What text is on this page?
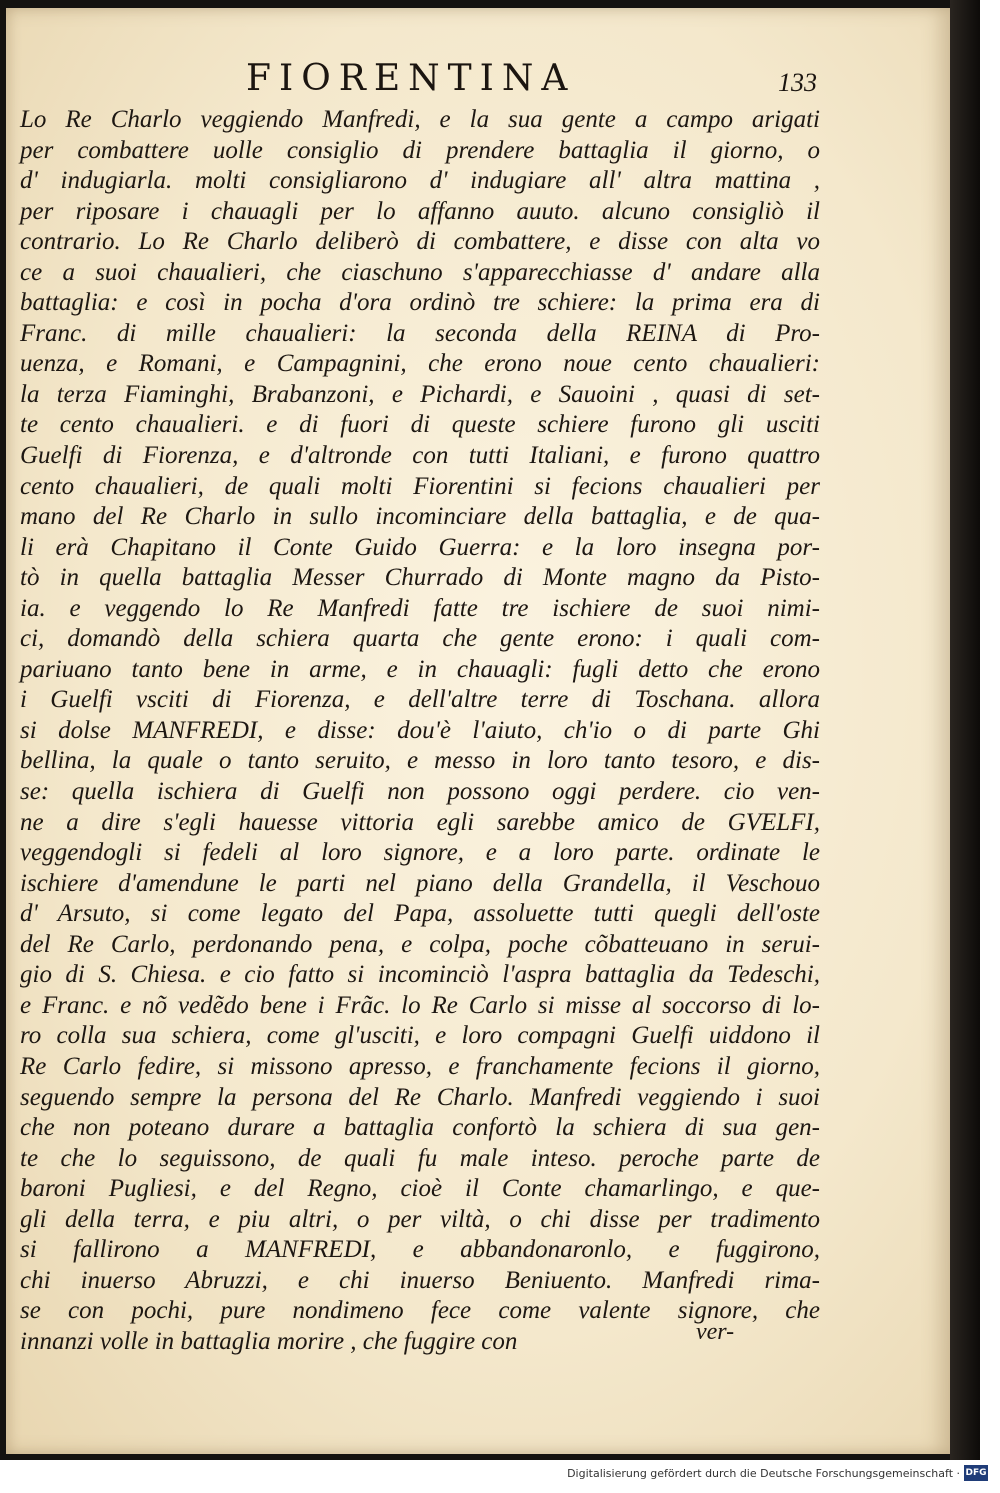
FIORENTINA	133
Lo Re Charlo veggiendo Manfredi, e la sua gente a campo arigati
per combattere uolle consiglio di prendere battaglia il giorno, o
d' indugiarla. molti consigliarono d' indugiare all' altra mattina ,
per riposare i chauagli per lo affanno auuto. alcuno consigliò il
contrario. Lo Re Charlo deliberò di combattere, e disse con alta vo
ce a suoi chaualieri, che ciaschuno s'apparecchiasse d' andare alla
battaglia: e così in pocha d'ora ordinò tre schiere: la prima era di
Franc. di mille chaualieri: la seconda della REINA di Pro-
uenza, e Romani, e Campagnini, che erono noue cento chaualieri:
la terza Fiaminghi, Brabanzoni, e Pichardi, e Sauoini , quasi di set-
te cento chaualieri. e di fuori di queste schiere furono gli usciti
Guelfi di Fiorenza, e d'altronde con tutti Italiani, e furono quattro
cento chaualieri, de quali molti Fiorentini si fecions chaualieri per
mano del Re Charlo in sullo incominciare della battaglia, e de qua-
li erà Chapitano il Conte Guido Guerra: e la loro insegna por-
tò in quella battaglia Messer Churrado di Monte magno da Pisto-
ia. e veggendo lo Re Manfredi fatte tre ischiere de suoi nimi-
ci, domandò della schiera quarta che gente erono: i quali com-
pariuano tanto bene in arme, e in chauagli: fugli detto che erono
i Guelfi vsciti di Fiorenza, e dell'altre terre di Toschana. allora
si dolse MANFREDI, e disse: dou'è l'aiuto, ch'io o di parte Ghi
bellina, la quale o tanto seruito, e messo in loro tanto tesoro, e dis-
se: quella ischiera di Guelfi non possono oggi perdere. cio ven-
ne a dire s'egli hauesse vittoria egli sarebbe amico de GVELFI,
veggendogli si fedeli al loro signore, e a loro parte. ordinate le
ischiere d'amendune le parti nel piano della Grandella, il Veschouo
d' Arsuto, si come legato del Papa, assoluette tutti quegli dell'oste
del Re Carlo, perdonando pena, e colpa, poche cõbatteuano in serui-
gio di S. Chiesa. e cio fatto si incominciò l'aspra battaglia da Tedeschi,
e Franc. e nõ vedẽdo bene i Frãc. lo Re Carlo si misse al soccorso di lo-
ro colla sua schiera, come gl'usciti, e loro compagni Guelfi uiddono il
Re Carlo fedire, si missono apresso, e franchamente fecions il giorno,
seguendo sempre la persona del Re Charlo. Manfredi veggiendo i suoi
che non poteano durare a battaglia confortò la schiera di sua gen-
te che lo seguissono, de quali fu male inteso. peroche parte de
baroni Pugliesi, e del Regno, cioè il Conte chamarlingo, e que-
gli della terra, e piu altri, o per viltà, o chi disse per tradimento
si fallirono a MANFREDI, e abbandonaronlo, e fuggirono,
chi inuerso Abruzzi, e chi inuerso Beniuento. Manfredi rima-
se con pochi, pure nondimeno fece come valente signore, che
innanzi volle in battaglia morire , che fuggire con	ver-
Digitalisierung gefördert durch die Deutsche Forschungsgemeinschaft · DFG
